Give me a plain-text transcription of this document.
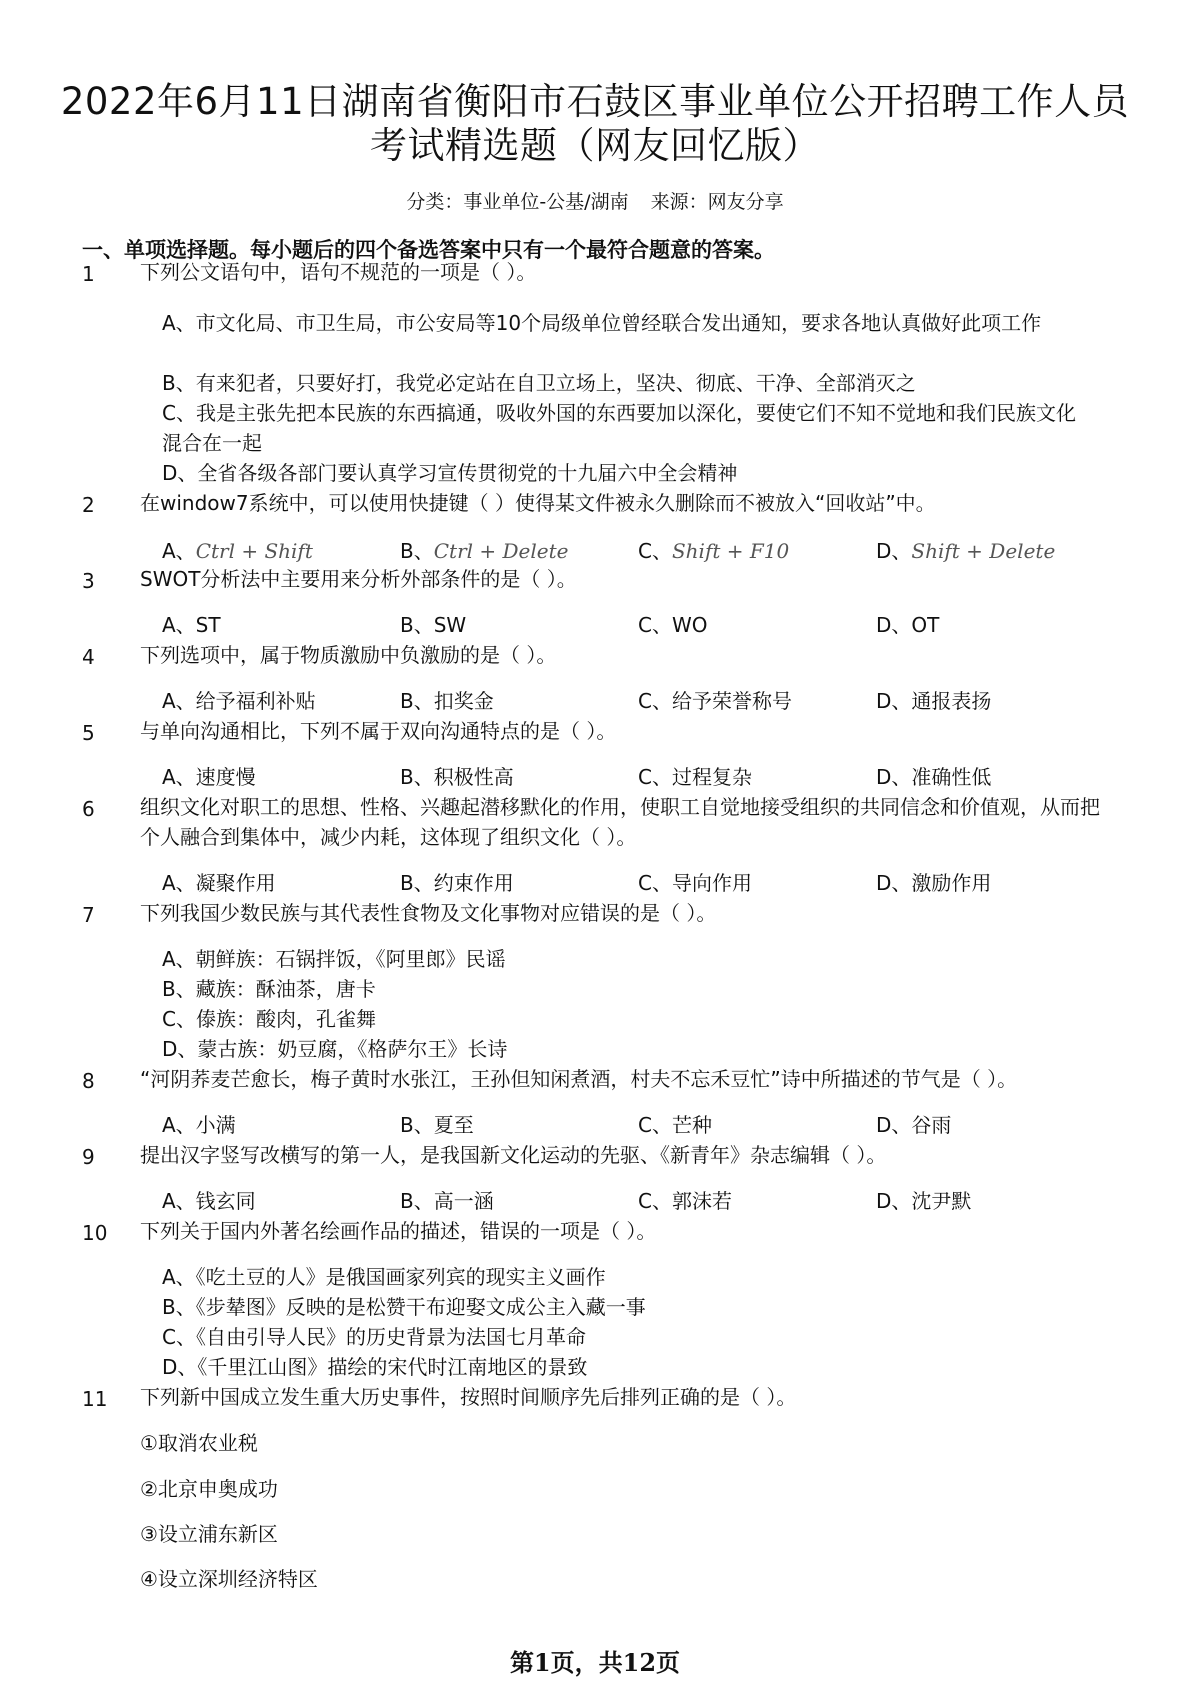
2022年6月11日湖南省衡阳市石鼓区事业单位公开招聘工作人员
考试精选题（网友回忆版）
分类：事业单位-公基/湖南 来源：网友分享
一、单项选择题。每小题后的四个备选答案中只有一个最符合题意的答案。
1 下列公文语句中，语句不规范的一项是（ ）。
A、市文化局、市卫生局，市公安局等10个局级单位曾经联合发出通知，要求各地认真做好此项工作
B、有来犯者，只要好打，我党必定站在自卫立场上，坚决、彻底、干净、全部消灭之
C、我是主张先把本民族的东西搞通，吸收外国的东西要加以深化，要使它们不知不觉地和我们民族文化混合在一起
D、全省各级各部门要认真学习宣传贯彻党的十九届六中全会精神
2 在window7系统中，可以使用快捷键（ ）使得某文件被永久删除而不被放入“回收站”中。
A、Ctrl + Shift	B、Ctrl + Delete	C、Shift + F10	D、Shift + Delete
3 SWOT分析法中主要用来分析外部条件的是（ ）。
A、ST	B、SW	C、WO	D、OT
4 下列选项中，属于物质激励中负激励的是（ ）。
A、给予福利补贴	B、扣奖金	C、给予荣誉称号	D、通报表扬
5 与单向沟通相比，下列不属于双向沟通特点的是（ ）。
A、速度慢	B、积极性高	C、过程复杂	D、准确性低
6 组织文化对职工的思想、性格、兴趣起潜移默化的作用，使职工自觉地接受组织的共同信念和价值观，从而把个人融合到集体中，减少内耗，这体现了组织文化（ ）。
A、凝聚作用	B、约束作用	C、导向作用	D、激励作用
7 下列我国少数民族与其代表性食物及文化事物对应错误的是（ ）。
A、朝鲜族：石锅拌饭，《阿里郎》民谣
B、藏族：酥油茶，唐卡
C、傣族：酸肉，孔雀舞
D、蒙古族：奶豆腐，《格萨尔王》长诗
8 “河阴荞麦芒愈长，梅子黄时水张江，王孙但知闲煮酒，村夫不忘禾豆忙”诗中所描述的节气是（ ）。
A、小满	B、夏至	C、芒种	D、谷雨
9 提出汉字竖写改横写的第一人，是我国新文化运动的先驱、《新青年》杂志编辑（ ）。
A、钱玄同	B、高一涵	C、郭沫若	D、沈尹默
10 下列关于国内外著名绘画作品的描述，错误的一项是（ ）。
A、《吃土豆的人》是俄国画家列宾的现实主义画作
B、《步辇图》反映的是松赞干布迎娶文成公主入藏一事
C、《自由引导人民》的历史背景为法国七月革命
D、《千里江山图》描绘的宋代时江南地区的景致
11 下列新中国成立发生重大历史事件，按照时间顺序先后排列正确的是（ ）。
①取消农业税
②北京申奥成功
③设立浦东新区
④设立深圳经济特区
第1页，共12页
